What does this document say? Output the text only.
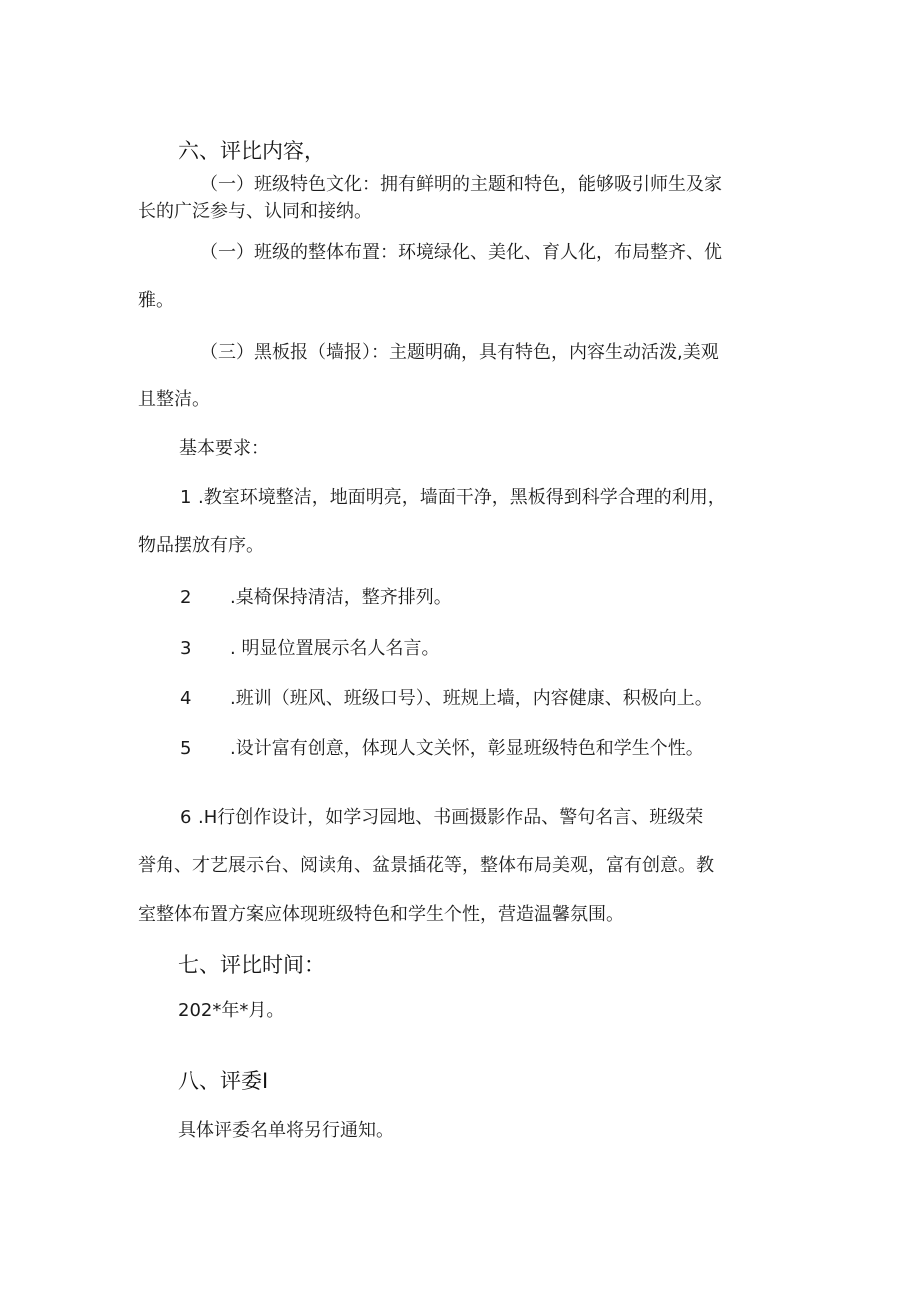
六、评比内容，
（一）班级特色文化：拥有鲜明的主题和特色，能够吸引师生及家
长的广泛参与、认同和接纳。
（一）班级的整体布置：环境绿化、美化、育人化，布局整齐、优
雅。
（三）黑板报（墙报）：主题明确，具有特色，内容生动活泼,美观
且整洁。
基本要求：
1 .教室环境整洁，地面明亮，墙面干净，黑板得到科学合理的利用，
物品摆放有序。
2 .桌椅保持清洁，整齐排列。
3 . 明显位置展示名人名言。
4 .班训（班风、班级口号）、班规上墙，内容健康、积极向上。
5 .设计富有创意，体现人文关怀，彰显班级特色和学生个性。
6 .H行创作设计，如学习园地、书画摄影作品、警句名言、班级荣
誉角、才艺展示台、阅读角、盆景插花等，整体布局美观，富有创意。教
室整体布置方案应体现班级特色和学生个性，营造温馨氛围。
七、评比时间：
202*年*月。
八、评委I
具体评委名单将另行通知。
